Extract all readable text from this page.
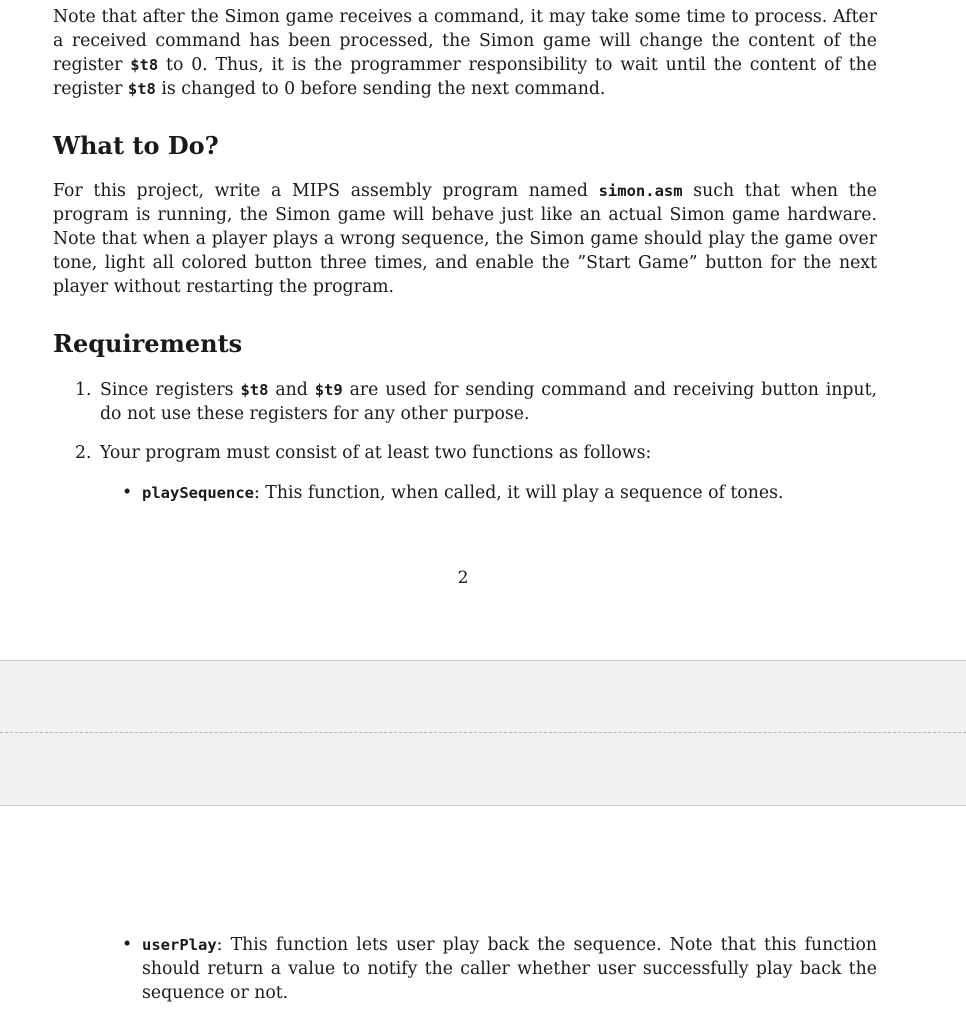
Note that after the Simon game receives a command, it may take some time to process. After a received command has been processed, the Simon game will change the content of the register $t8 to 0. Thus, it is the programmer responsibility to wait until the content of the register $t8 is changed to 0 before sending the next command.

What to Do?

For this project, write a MIPS assembly program named simon.asm such that when the program is running, the Simon game will behave just like an actual Simon game hardware. Note that when a player plays a wrong sequence, the Simon game should play the game over tone, light all colored button three times, and enable the ”Start Game” button for the next player without restarting the program.

Requirements
1. Since registers $t8 and $t9 are used for sending command and receiving button input, do not use these registers for any other purpose.
2. Your program must consist of at least two functions as follows:
• playSequence: This function, when called, it will play a sequence of tones.
2
• userPlay: This function lets user play back the sequence. Note that this function should return a value to notify the caller whether user successfully play back the sequence or not.
